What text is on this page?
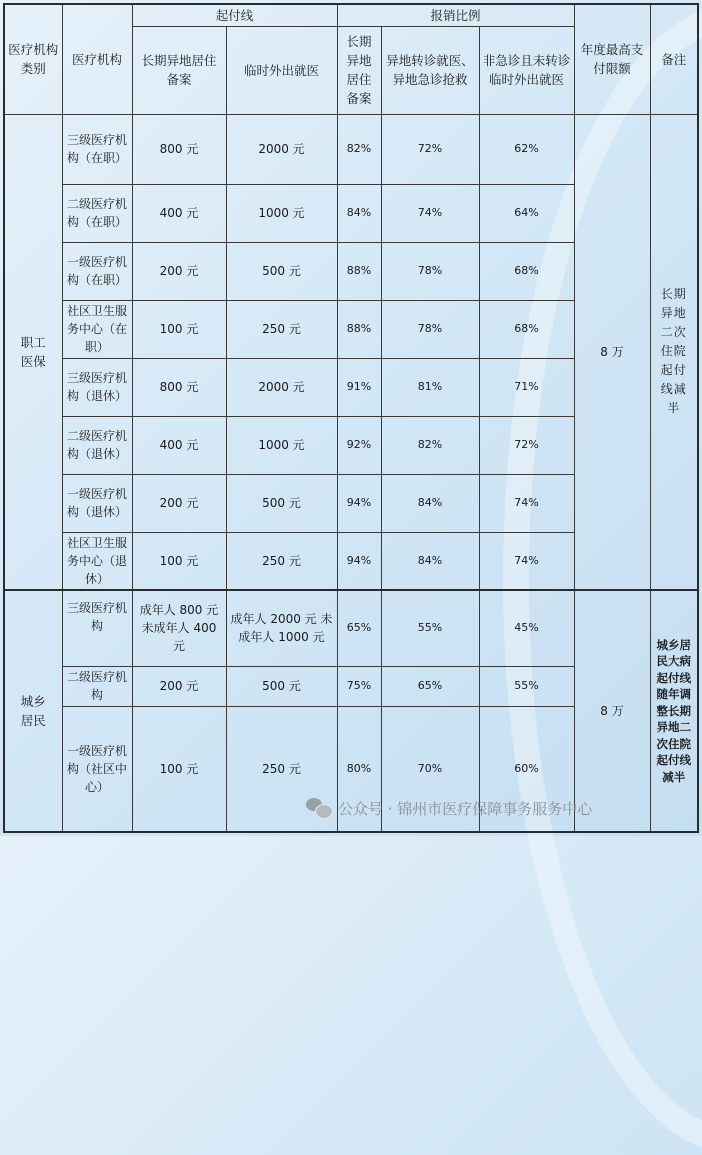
医疗机构类别	医疗机构	起付线		报销比例			年度最高支付限额	备注
		长期异地居住备案	临时外出就医	长期异地居住备案	异地转诊就医、异地急诊抢救	非急诊且未转诊临时外出就医		
职工医保	三级医疗机构（在职）	800 元	2000 元	82%	72%	62%	8 万	长期异地二次住院起付线减半
	二级医疗机构（在职）	400 元	1000 元	84%	74%	64%		
	一级医疗机构（在职）	200 元	500 元	88%	78%	68%		
	社区卫生服务中心（在职）	100 元	250 元	88%	78%	68%		
	三级医疗机构（退休）	800 元	2000 元	91%	81%	71%		
	二级医疗机构（退休）	400 元	1000 元	92%	82%	72%		
	一级医疗机构（退休）	200 元	500 元	94%	84%	74%		
	社区卫生服务中心（退休）	100 元	250 元	94%	84%	74%		
城乡居民	三级医疗机构	成年人 800 元 未成年人 400 元	成年人 2000 元 未成年人 1000 元	65%	55%	45%	8 万	城乡居民大病起付线随年调整长期异地二次住院起付线减半
	二级医疗机构	200 元	500 元	75%	65%	55%		
	一级医疗机构（社区中心）	100 元	250 元	80%	70%	60%		
公众号 · 锦州市医疗保障事务服务中心
